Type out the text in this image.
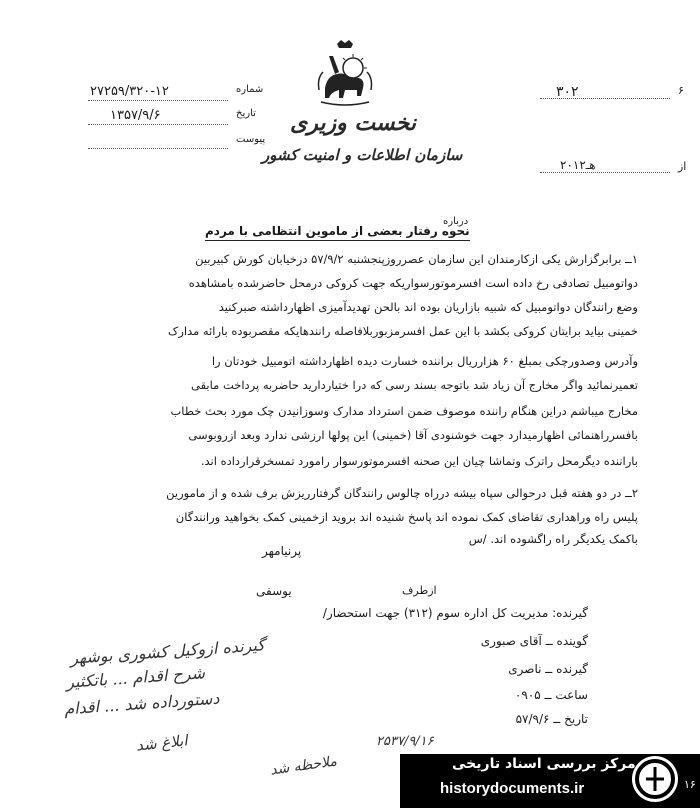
۶
۳۰۲
از
۲۰هـ۱۲
۲۷۲۵۹/۳۲۰-۱۲	شماره
۱۳۵۷/۹/۶	تاریخ
پیوست
نخست وزیری
سازمان اطلاعات و امنیت کشور
درباره
نحوه رفتار بعضی از ماموین انتظامی با مردم
۱ــ برابرگزارش یکی ازکارمندان این سازمان عصرروزپنجشنبه ۵۷/۹/۲ درخیابان کورش کبیربین
دواتومبیل تصادفی رخ داده است افسرموتورسواریکه جهت کروکی درمحل حاضرشده بامشاهده
وضع رانندگان دواتومبیل که شبیه بازاریان بوده اند بالحن تهدیدآمیزی اظهارداشته صبرکنید
خمینی بیاید برایتان کروکی بکشد با این عمل افسرمزبوربلافاصله رانندهایکه مقصربوده بارائه مدارک
وآدرس وصدورچکی بمبلغ ۶۰ هزارریال براننده خسارت دیده اظهارداشته اتومبیل خودتان را
تعمیرنمائید واگر مخارج آن زیاد شد باتوجه بسند رسی که درا ختیاردارید حاضربه پرداخت مابقی
مخارج میباشم دراین هنگام راننده موصوف ضمن استرداد مدارک وسوزانیدن چک مورد بحث خطاب
بافسرراهنمائی اظهارمیدارد جهت خوشنودی آقا (خمینی) این پولها ارزشی ندارد وبعد ازروبوسی
باراننده دیگرمحل راترک وتماشا چیان این صحنه افسرموتورسوار رامورد تمسخرقرارداده اند.
۲ــ در دو هفته قبل درحوالی سپاه بیشه درراه چالوس رانندگان گرفتارریزش برف شده و از مامورین
پلیس راه وراهداری تقاضای کمک نموده اند پاسخ شنیده اند بروید ازخمینی کمک بخواهید ورانندگان
باکمک یکدیگر راه راگشوده اند. /س
پرنیامهر
ازطرف
یوسفی
گیرنده: مدیریت کل اداره سوم (۳۱۲) جهت استحضار/
گوینده ــ آقای صبوری
گیرنده ــ ناصری
ساعت ــ ۰۹۰۵
تاریخ ــ ۵۷/۹/۶
گیرنده ازوکیل کشوری بوشهر
شرح اقدام ... باتکثیر
دستورداده شد ... اقدام
ابلاغ شد	۲۵۳۷/۹/۱۶
ملاحظه شد	مرکز بررسی اسناد تاریخی
historydocuments.ir	۱۶
